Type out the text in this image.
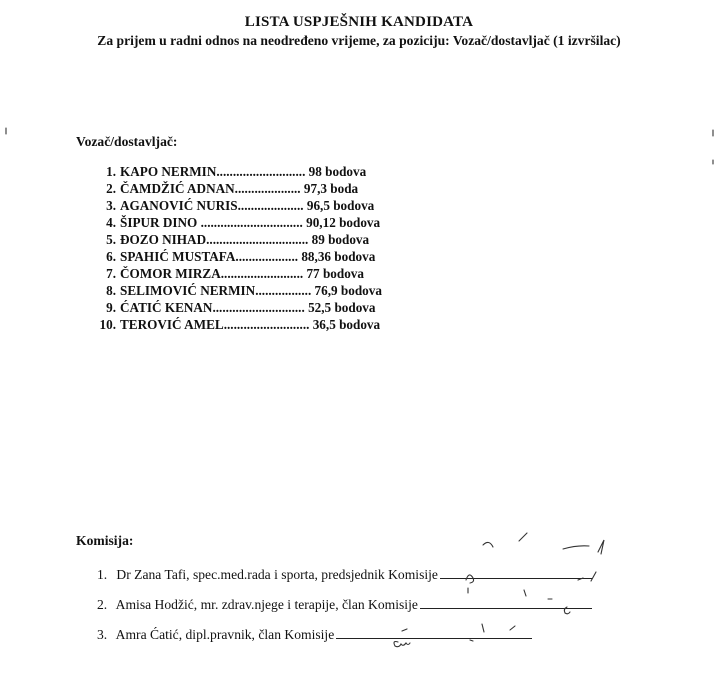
LISTA USPJEŠNIH KANDIDATA
Za prijem u radni odnos na neodređeno vrijeme, za poziciju: Vozač/dostavljač (1 izvršilac)
Vozač/dostavljač:
1. KAPO NERMIN........................... 98 bodova
2. ČAMDŽIĆ ADNAN.................... 97,3 boda
3. AGANOVIĆ NURIS.................... 96,5 bodova
4. ŠIPUR DINO ............................... 90,12 bodova
5. ĐOZO NIHAD............................... 89 bodova
6. SPAHIĆ MUSTAFA................... 88,36 bodova
7. ČOMOR MIRZA......................... 77 bodova
8. SELIMOVIĆ NERMIN................. 76,9 bodova
9. ĆATIĆ KENAN............................ 52,5 bodova
10. TEROVIĆ AMEL.......................... 36,5 bodova
Komisija:
1. Dr Zana Tafi, spec.med.rada i sporta, predsjednik Komisije
2. Amisa Hodžić, mr. zdrav.njege i terapije, član Komisije
3. Amra Ćatić, dipl.pravnik, član Komisije
